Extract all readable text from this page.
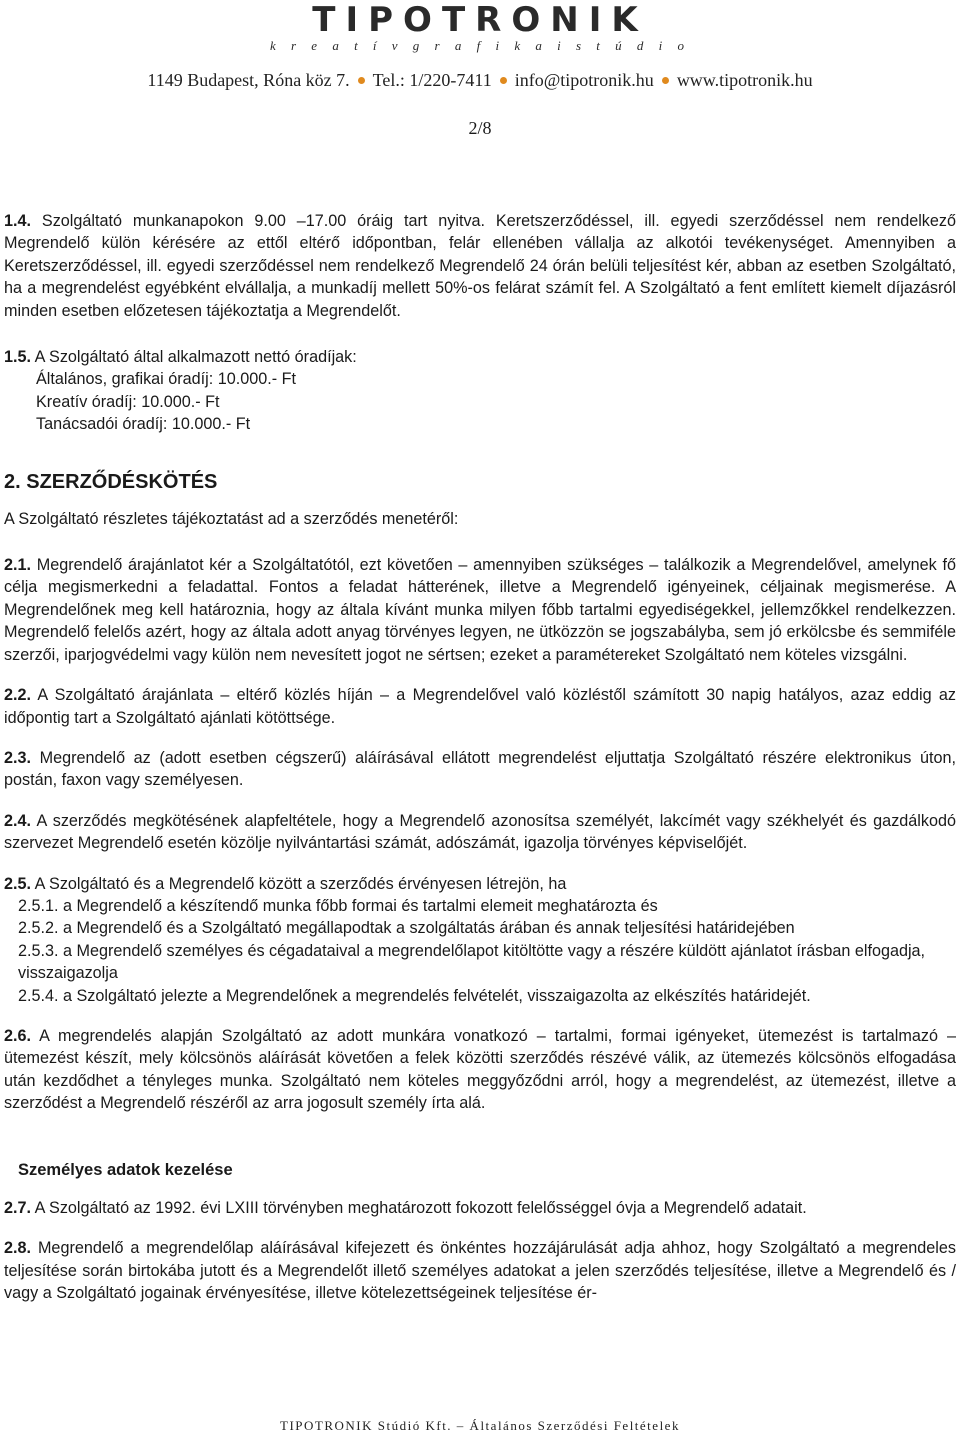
TIPOTRONIK
k r e a t í v g r a f i k a i s t ú d i o
1149 Budapest, Róna köz 7. Tel.: 1/220-7411 info@tipotronik.hu www.tipotronik.hu
2/8

1.4. Szolgáltató munkanapokon 9.00 –17.00 óráig tart nyitva. Keretszerződéssel, ill. egyedi szerződéssel nem rendelkező Megrendelő külön kérésére az ettől eltérő időpontban, felár ellenében vállalja az alkotói tevékenységet. Amennyiben a Keretszerződéssel, ill. egyedi szerződéssel nem rendelkező Megrendelő 24 órán belüli teljesítést kér, abban az esetben Szolgáltató, ha a megrendelést egyébként elvállalja, a munkadíj mellett 50%-os felárat számít fel. A Szolgáltató a fent említett kiemelt díjazásról minden esetben előzetesen tájékoztatja a Megrendelőt.

1.5. A Szolgáltató által alkalmazott nettó óradíjak:
Általános, grafikai óradíj: 10.000.- Ft
Kreatív óradíj: 10.000.- Ft
Tanácsadói óradíj: 10.000.- Ft
2. SZERZŐDÉSKÖTÉS

A Szolgáltató részletes tájékoztatást ad a szerződés menetéről:

2.1. Megrendelő árajánlatot kér a Szolgáltatótól, ezt követően – amennyiben szükséges – találkozik a Megrendelővel, amelynek fő célja megismerkedni a feladattal. Fontos a feladat hátterének, illetve a Megrendelő igényeinek, céljainak megismerése. A Megrendelőnek meg kell határoznia, hogy az általa kívánt munka milyen főbb tartalmi egyediségekkel, jellemzőkkel rendelkezzen. Megrendelő felelős azért, hogy az általa adott anyag törvényes legyen, ne ütközzön se jogszabályba, sem jó erkölcsbe és semmiféle szerzői, iparjogvédelmi vagy külön nem nevesített jogot ne sértsen; ezeket a paramétereket Szolgáltató nem köteles vizsgálni.

2.2. A Szolgáltató árajánlata – eltérő közlés híján – a Megrendelővel való közléstől számított 30 napig hatályos, azaz eddig az időpontig tart a Szolgáltató ajánlati kötöttsége.

2.3. Megrendelő az (adott esetben cégszerű) aláírásával ellátott megrendelést eljuttatja Szolgáltató részére elektronikus úton, postán, faxon vagy személyesen.

2.4. A szerződés megkötésének alapfeltétele, hogy a Megrendelő azonosítsa személyét, lakcímét vagy székhelyét és gazdálkodó szervezet Megrendelő esetén közölje nyilvántartási számát, adószámát, igazolja törvényes képviselőjét.

2.5. A Szolgáltató és a Megrendelő között a szerződés érvényesen létrejön, ha
2.5.1. a Megrendelő a készítendő munka főbb formai és tartalmi elemeit meghatározta és
2.5.2. a Megrendelő és a Szolgáltató megállapodtak a szolgáltatás árában és annak teljesítési határidejében
2.5.3. a Megrendelő személyes és cégadataival a megrendelőlapot kitöltötte vagy a részére küldött ajánlatot írásban elfogadja, visszaigazolja
2.5.4. a Szolgáltató jelezte a Megrendelőnek a megrendelés felvételét, visszaigazolta az elkészítés határidejét.

2.6. A megrendelés alapján Szolgáltató az adott munkára vonatkozó – tartalmi, formai igényeket, ütemezést is tartalmazó – ütemezést készít, mely kölcsönös aláírását követően a felek közötti szerződés részévé válik, az ütemezés kölcsönös elfogadása után kezdődhet a tényleges munka. Szolgáltató nem köteles meggyőződni arról, hogy a megrendelést, az ütemezést, illetve a szerződést a Megrendelő részéről az arra jogosult személy írta alá.

Személyes adatok kezelése

2.7. A Szolgáltató az 1992. évi LXIII törvényben meghatározott fokozott felelősséggel óvja a Megrendelő adatait.

2.8. Megrendelő a megrendelőlap aláírásával kifejezett és önkéntes hozzájárulását adja ahhoz, hogy Szolgáltató a megrendeles teljesítése során birtokába jutott és a Megrendelőt illető személyes adatokat a jelen szerződés teljesítése, illetve a Megrendelő és / vagy a Szolgáltató jogainak érvényesítése, illetve kötelezettségeinek teljesítése ér-

TIPOTRONIK Stúdió Kft. – Általános Szerződési Feltételek
